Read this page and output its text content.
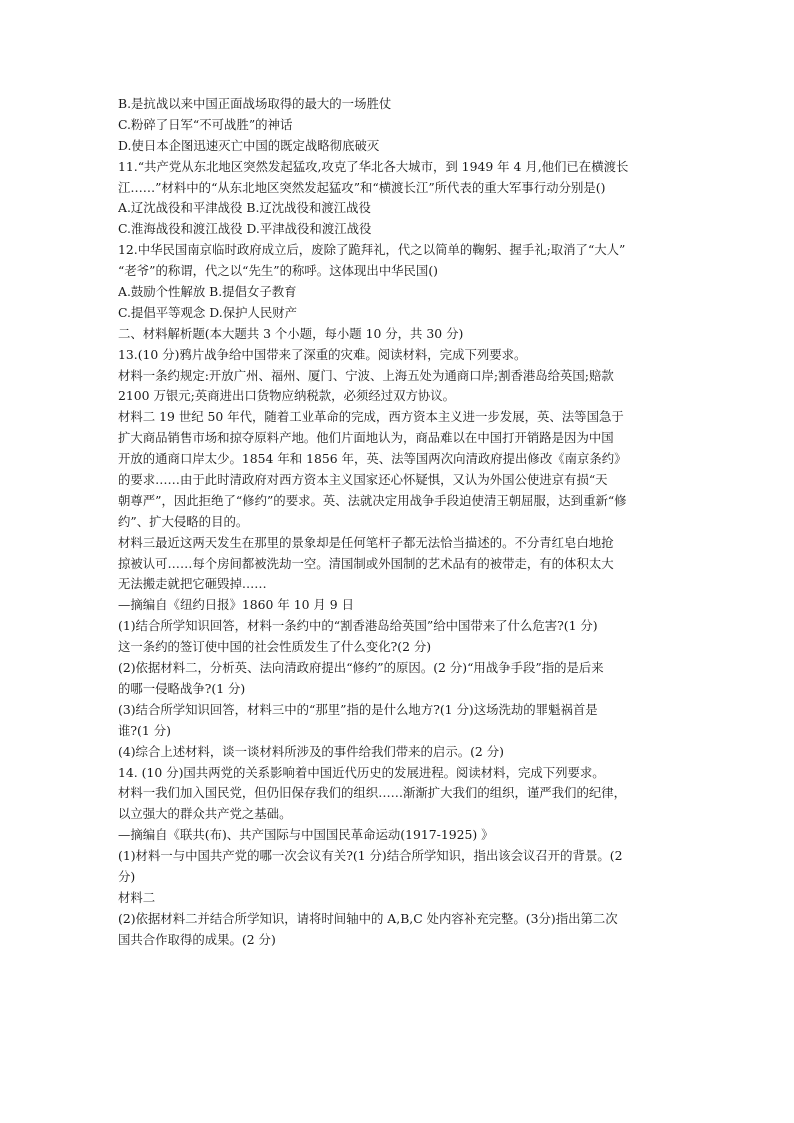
B.是抗战以来中国正面战场取得的最大的一场胜仗
C.粉碎了日军“不可战胜”的神话
D.使日本企图迅速灭亡中国的既定战略彻底破灭
11.“共产党从东北地区突然发起猛攻,攻克了华北各大城市，到 1949 年 4 月,他们已在横渡长
江……”材料中的“从东北地区突然发起猛攻”和“横渡长江”所代表的重大军事行动分别是()
A.辽沈战役和平津战役 B.辽沈战役和渡江战役
C.淮海战役和渡江战役 D.平津战役和渡江战役
12.中华民国南京临时政府成立后，废除了跪拜礼，代之以简单的鞠躬、握手礼;取消了“大人”
“老爷”的称谓，代之以“先生”的称呼。这体现出中华民国()
A.鼓励个性解放 B.提倡女子教育
C.提倡平等观念 D.保护人民财产
二、材料解析题(本大题共 3 个小题，每小题 10 分，共 30 分)
13.(10 分)鸦片战争给中国带来了深重的灾难。阅读材料，完成下列要求。
材料一条约规定:开放广州、福州、厦门、宁波、上海五处为通商口岸;割香港岛给英国;赔款
2100 万银元;英商进出口货物应纳税款，必须经过双方协议。
材料二 19 世纪 50 年代，随着工业革命的完成，西方资本主义进一步发展，英、法等国急于
扩大商品销售市场和掠夺原料产地。他们片面地认为，商品难以在中国打开销路是因为中国
开放的通商口岸太少。1854 年和 1856 年，英、法等国两次向清政府提出修改《南京条约》
的要求……由于此时清政府对西方资本主义国家还心怀疑惧，又认为外国公使进京有损“天
朝尊严”，因此拒绝了“修约”的要求。英、法就决定用战争手段迫使清王朝屈服，达到重新“修
约”、扩大侵略的目的。
材料三最近这两天发生在那里的景象却是任何笔杆子都无法恰当描述的。不分青红皂白地抢
掠被认可……每个房间都被洗劫一空。清国制或外国制的艺术品有的被带走，有的体积太大
无法搬走就把它砸毁掉……
—摘编自《纽约日报》1860 年 10 月 9 日
(1)结合所学知识回答，材料一条约中的“割香港岛给英国”给中国带来了什么危害?(1 分)
这一条约的签订使中国的社会性质发生了什么变化?(2 分)
(2)依据材料二，分析英、法向清政府提出“修约”的原因。(2 分)“用战争手段”指的是后来
的哪一侵略战争?(1 分)
(3)结合所学知识回答，材料三中的“那里”指的是什么地方?(1 分)这场洗劫的罪魁祸首是
谁?(1 分)
(4)综合上述材料，谈一谈材料所涉及的事件给我们带来的启示。(2 分)
14. (10 分)国共两党的关系影响着中国近代历史的发展进程。阅读材料，完成下列要求。
材料一我们加入国民党，但仍旧保存我们的组织……渐渐扩大我们的组织，谨严我们的纪律，
以立强大的群众共产党之基础。
—摘编自《联共(布)、共产国际与中国国民革命运动(1917-1925) 》
(1)材料一与中国共产党的哪一次会议有关?(1 分)结合所学知识，指出该会议召开的背景。(2
分)
材料二
(2)依据材料二并结合所学知识，请将时间轴中的 A,B,C 处内容补充完整。(3分)指出第二次
国共合作取得的成果。(2 分)
